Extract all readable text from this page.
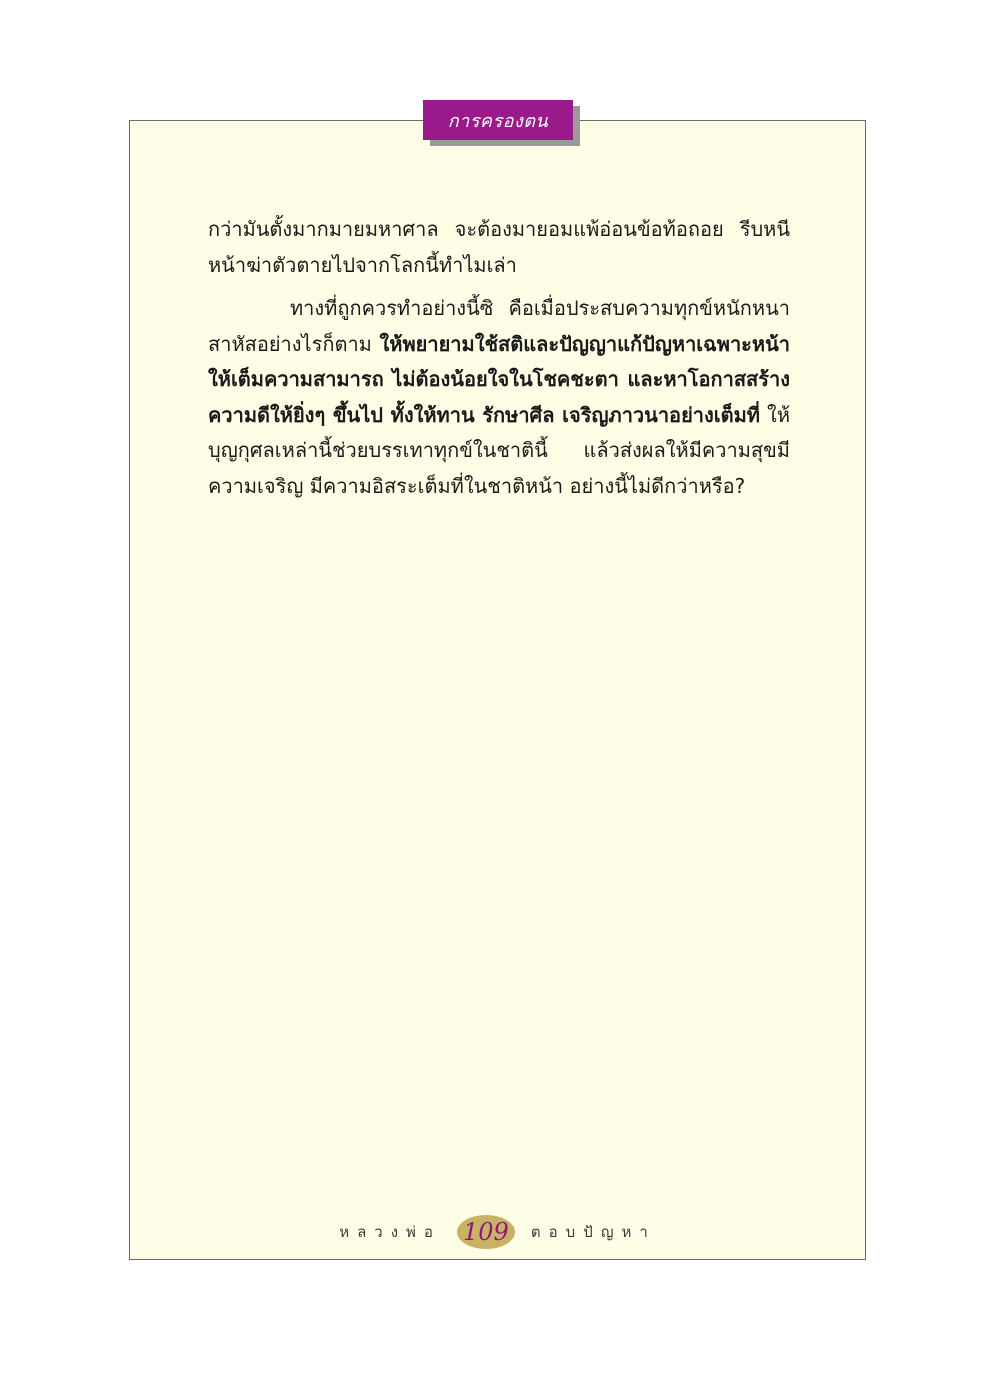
การครองตน

กว่ามันตั้งมากมายมหาศาล จะต้องมายอมแพ้อ่อนข้อท้อถอย รีบหนีหน้าฆ่าตัวตายไปจากโลกนี้ทำไมเล่า

ทางที่ถูกควรทำอย่างนี้ซิ คือเมื่อประสบความทุกข์หนักหนาสาหัสอย่างไรก็ตาม ให้พยายามใช้สติและปัญญาแก้ปัญหาเฉพาะหน้าให้เต็มความสามารถ ไม่ต้องน้อยใจในโชคชะตา และหาโอกาสสร้างความดีให้ยิ่งๆ ขึ้นไป ทั้งให้ทาน รักษาศีล เจริญภาวนาอย่างเต็มที่ ให้บุญกุศลเหล่านี้ช่วยบรรเทาทุกข์ในชาตินี้ แล้วส่งผลให้มีความสุขมีความเจริญ มีความอิสระเต็มที่ในชาติหน้า อย่างนี้ไม่ดีกว่าหรือ?

หลวงพ่อ 109 ตอบปัญหา
